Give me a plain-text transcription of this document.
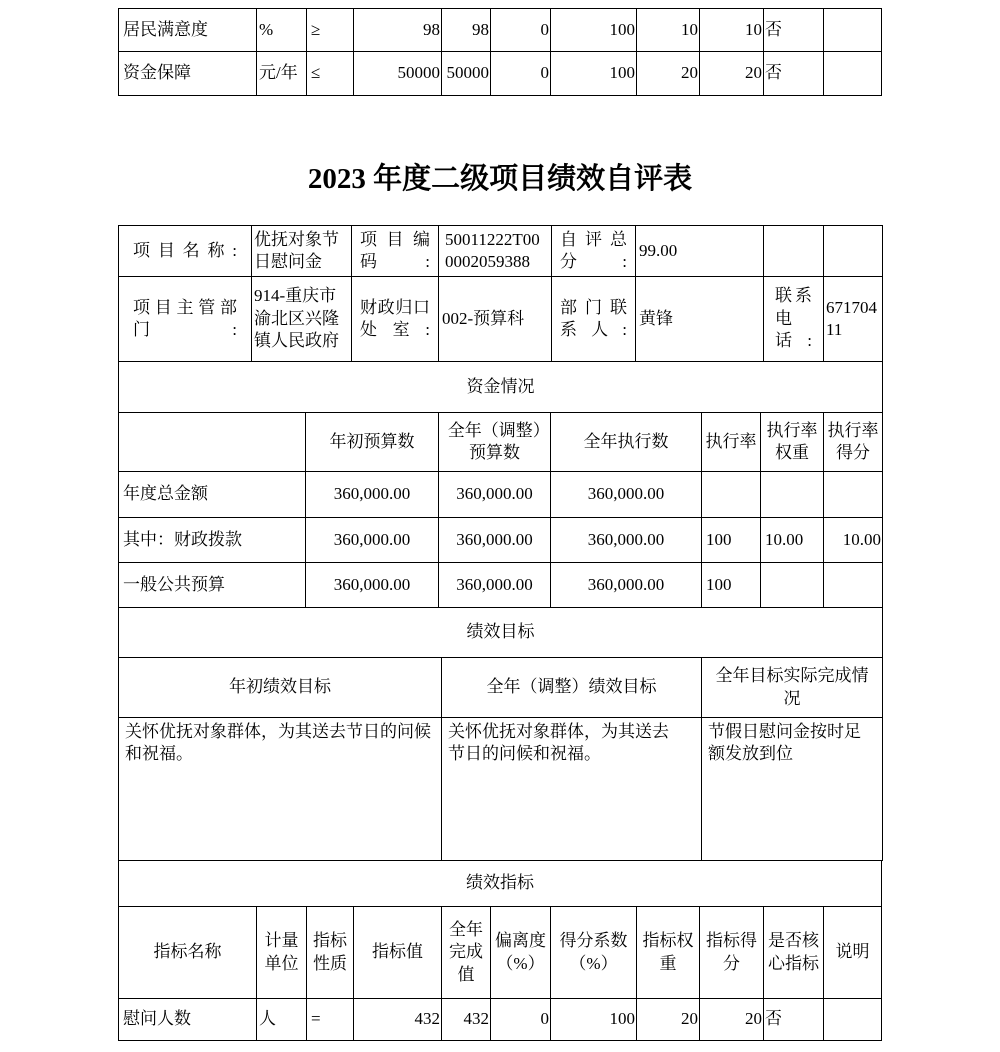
居民满意度	%	≥	98	98	0	100	10	10	否	
资金保障	元/年	≤	50000	50000	0	100	20	20	否	
2023 年度二级项目绩效自评表
项目名称:	优抚对象节日慰问金	项目编码:	50011222T000002059388	自评总分:	99.00		
项目主管部门:	914-重庆市渝北区兴隆镇人民政府	财政归口处室:	002-预算科	部门联系人:	黄锋	联系电话:	67170411
资金情况						
	年初预算数	全年（调整）预算数	全年执行数	执行率	执行率权重	执行率得分
年度总金额	360,000.00	360,000.00	360,000.00			
其中：财政拨款	360,000.00	360,000.00	360,000.00	100	10.00	10.00
一般公共预算	360,000.00	360,000.00	360,000.00	100		
绩效目标		
年初绩效目标	全年（调整）绩效目标	全年目标实际完成情况
关怀优抚对象群体，为其送去节日的问候和祝福。	关怀优抚对象群体，为其送去节日的问候和祝福。	节假日慰问金按时足额发放到位
绩效指标										
指标名称	计量单位	指标性质	指标值	全年完成值	偏离度（%）	得分系数（%）	指标权重	指标得分	是否核心指标	说明
慰问人数	人	=	432	432	0	100	20	20	否	
